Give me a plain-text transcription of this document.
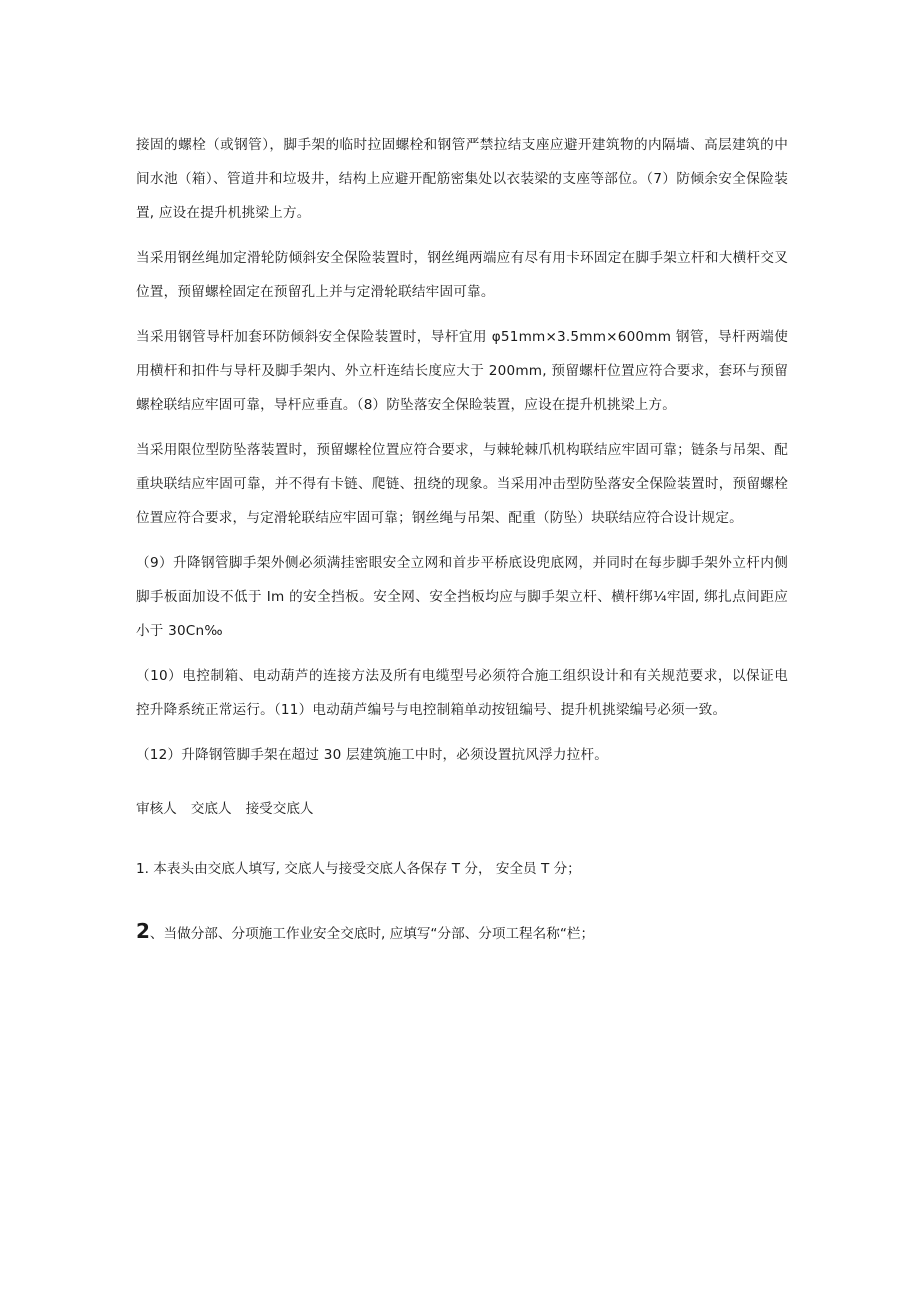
接固的螺栓（或钢管），脚手架的临时拉固螺栓和钢管严禁拉结支座应避开建筑物的内隔墙、高层建筑的中间水池（箱）、管道井和垃圾井，结构上应避开配筋密集处以衣装梁的支座等部位。（7）防倾余安全保险装置, 应设在提升机挑梁上方。

当采用钢丝绳加定滑轮防倾斜安全保险装置时，钢丝绳两端应有尽有用卡环固定在脚手架立杆和大横杆交叉位置，预留螺栓固定在预留孔上并与定滑轮联结牢固可靠。

当采用钢管导杆加套环防倾斜安全保险装置时，导杆宜用 φ51mm×3.5mm×600mm 钢管，导杆两端使用横杆和扣件与导杆及脚手架内、外立杆连结长度应大于 200mm, 预留螺杆位置应符合要求，套环与预留螺栓联结应牢固可靠，导杆应垂直。（8）防坠落安全保睑装置，应设在提升机挑梁上方。

当采用限位型防坠落装置时，预留螺栓位置应符合要求，与棘轮棘爪机构联结应牢固可靠；链条与吊架、配重块联结应牢固可靠，并不得有卡链、爬链、扭绕的现象。当采用冲击型防坠落安全保险装置时，预留螺栓位置应符合要求，与定滑轮联结应牢固可靠；钢丝绳与吊架、配重（防坠）块联结应符合设计规定。

（9）升降钢管脚手架外侧必须满挂密眼安全立网和首步平桥底设兜底网，并同时在每步脚手架外立杆内侧脚手板面加设不低于 Im 的安全挡板。安全网、安全挡板均应与脚手架立杆、横杆绑¼牢固, 绑扎点间距应小于 30Cn‰

（10）电控制箱、电动葫芦的连接方法及所有电缆型号必须符合施工组织设计和有关规范要求，以保证电控升降系统正常运行。（11）电动葫芦编号与电控制箱单动按钮编号、提升机挑梁编号必须一致。

（12）升降钢管脚手架在超过 30 层建筑施工中时，必须设置抗风浮力拉杆。

审核人 交底人 接受交底人

1. 本表头由交底人填写, 交底人与接受交底人各保存 T 分， 安全员 T 分；

2、当做分部、分项施工作业安全交底时, 应填写“分部、分项工程名称“栏；
